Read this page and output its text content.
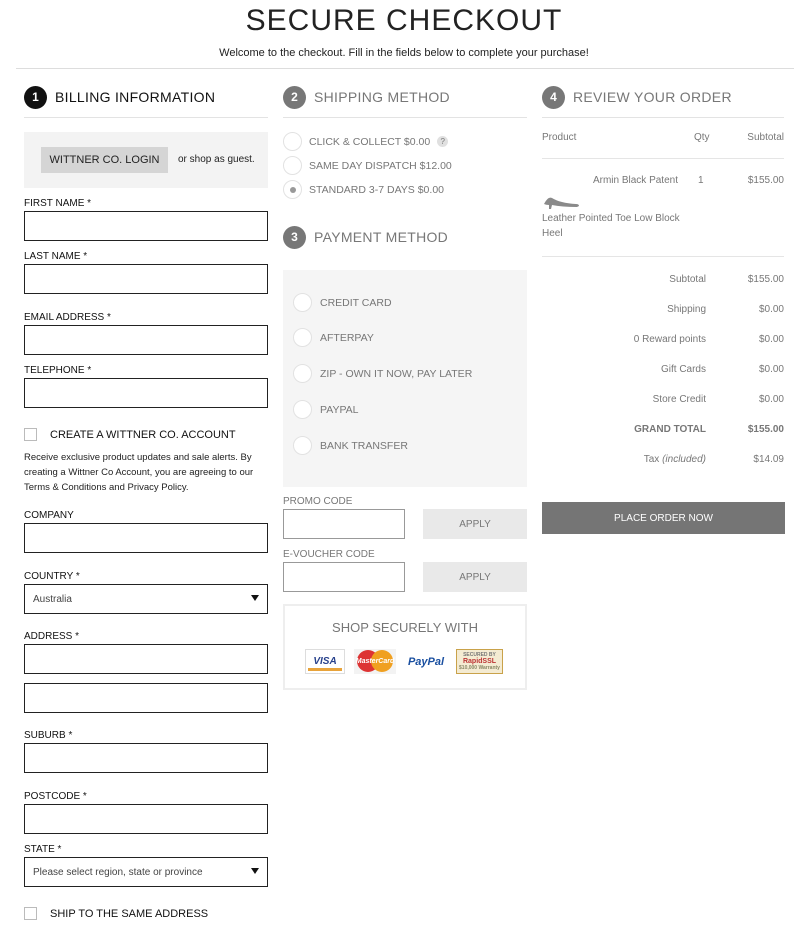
SECURE CHECKOUT
Welcome to the checkout. Fill in the fields below to complete your purchase!
1	BILLING INFORMATION
WITTNER CO. LOGIN	or shop as guest.
FIRST NAME *
LAST NAME *
EMAIL ADDRESS *
TELEPHONE *
CREATE A WITTNER CO. ACCOUNT
Receive exclusive product updates and sale alerts. By creating a Wittner Co Account, you are agreeing to our Terms & Conditions and Privacy Policy.
COMPANY
COUNTRY *
Australia
ADDRESS *
SUBURB *
POSTCODE *
STATE *
Please select region, state or province
SHIP TO THE SAME ADDRESS
2	SHIPPING METHOD
CLICK & COLLECT $0.00	?
SAME DAY DISPATCH $12.00
STANDARD 3-7 DAYS $0.00
3	PAYMENT METHOD
CREDIT CARD
AFTERPAY
ZIP - OWN IT NOW, PAY LATER
PAYPAL
BANK TRANSFER
PROMO CODE
APPLY
E-VOUCHER CODE
APPLY
SHOP SECURELY WITH
VISA	MasterCard PayPal
SECURED BY
RapidSSL
$10,000 Warranty
4	REVIEW YOUR ORDER
Product	Qty	Subtotal
Armin Black Patent 1	$155.00
Leather Pointed Toe Low Block Heel
Subtotal	$155.00
Shipping	$0.00
0 Reward points	$0.00
Gift Cards	$0.00
Store Credit	$0.00
GRAND TOTAL	$155.00
Tax (included)	$14.09
PLACE ORDER NOW
